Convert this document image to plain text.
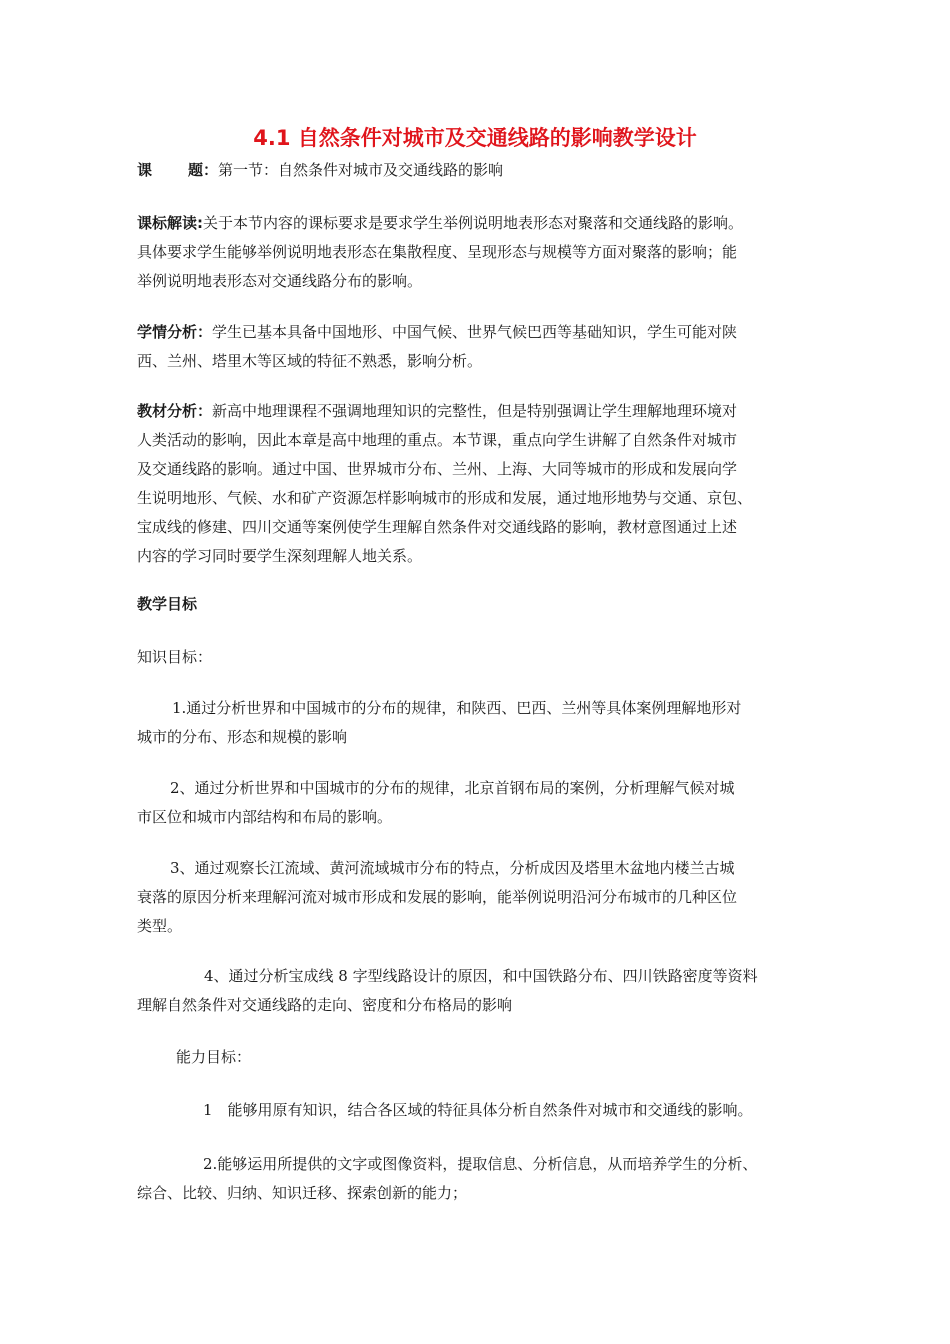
4.1 自然条件对城市及交通线路的影响教学设计
课 题：第一节：自然条件对城市及交通线路的影响
课标解读:关于本节内容的课标要求是要求学生举例说明地表形态对聚落和交通线路的影响。
具体要求学生能够举例说明地表形态在集散程度、呈现形态与规模等方面对聚落的影响；能
举例说明地表形态对交通线路分布的影响。
学情分析：学生已基本具备中国地形、中国气候、世界气候巴西等基础知识，学生可能对陕
西、兰州、塔里木等区域的特征不熟悉，影响分析。
教材分析：新高中地理课程不强调地理知识的完整性，但是特别强调让学生理解地理环境对
人类活动的影响，因此本章是高中地理的重点。本节课，重点向学生讲解了自然条件对城市
及交通线路的影响。通过中国、世界城市分布、兰州、上海、大同等城市的形成和发展向学
生说明地形、气候、水和矿产资源怎样影响城市的形成和发展，通过地形地势与交通、京包、
宝成线的修建、四川交通等案例使学生理解自然条件对交通线路的影响，教材意图通过上述
内容的学习同时要学生深刻理解人地关系。
教学目标
知识目标：
1.通过分析世界和中国城市的分布的规律，和陕西、巴西、兰州等具体案例理解地形对
城市的分布、形态和规模的影响
2、通过分析世界和中国城市的分布的规律，北京首钢布局的案例，分析理解气候对城
市区位和城市内部结构和布局的影响。
3、通过观察长江流域、黄河流域城市分布的特点，分析成因及塔里木盆地内楼兰古城
衰落的原因分析来理解河流对城市形成和发展的影响，能举例说明沿河分布城市的几种区位
类型。
4、通过分析宝成线 8 字型线路设计的原因，和中国铁路分布、四川铁路密度等资料
理解自然条件对交通线路的走向、密度和分布格局的影响
能力目标：
1　能够用原有知识，结合各区域的特征具体分析自然条件对城市和交通线的影响。
2.能够运用所提供的文字或图像资料，提取信息、分析信息，从而培养学生的分析、
综合、比较、归纳、知识迁移、探索创新的能力；
